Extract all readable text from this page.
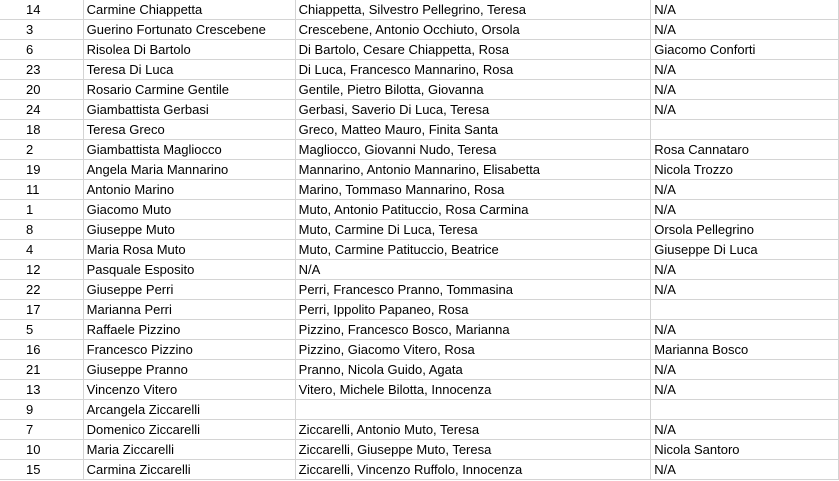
14	Carmine Chiappetta	Chiappetta, Silvestro Pellegrino, Teresa	N/A
3	Guerino Fortunato Crescebene	Crescebene, Antonio Occhiuto, Orsola	N/A
6	Risolea Di Bartolo	Di Bartolo, Cesare Chiappetta, Rosa	Giacomo Conforti
23	Teresa Di Luca	Di Luca, Francesco Mannarino, Rosa	N/A
20	Rosario Carmine Gentile	Gentile, Pietro Bilotta, Giovanna	N/A
24	Giambattista Gerbasi	Gerbasi, Saverio Di Luca, Teresa	N/A
18	Teresa Greco	Greco, Matteo Mauro, Finita Santa	
2	Giambattista Magliocco	Magliocco, Giovanni Nudo, Teresa	Rosa Cannataro
19	Angela Maria Mannarino	Mannarino, Antonio Mannarino, Elisabetta	Nicola Trozzo
11	Antonio Marino	Marino, Tommaso Mannarino, Rosa	N/A
1	Giacomo Muto	Muto, Antonio Patituccio, Rosa Carmina	N/A
8	Giuseppe Muto	Muto, Carmine Di Luca, Teresa	Orsola Pellegrino
4	Maria Rosa Muto	Muto, Carmine Patituccio, Beatrice	Giuseppe Di Luca
12	Pasquale Esposito	N/A	N/A
22	Giuseppe Perri	Perri, Francesco Pranno, Tommasina	N/A
17	Marianna Perri	Perri, Ippolito Papaneo, Rosa	
5	Raffaele Pizzino	Pizzino, Francesco Bosco, Marianna	N/A
16	Francesco Pizzino	Pizzino, Giacomo Vitero, Rosa	Marianna Bosco
21	Giuseppe Pranno	Pranno, Nicola Guido, Agata	N/A
13	Vincenzo Vitero	Vitero, Michele Bilotta, Innocenza	N/A
9	Arcangela Ziccarelli		
7	Domenico Ziccarelli	Ziccarelli, Antonio Muto, Teresa	N/A
10	Maria Ziccarelli	Ziccarelli, Giuseppe Muto, Teresa	Nicola Santoro
15	Carmina Ziccarelli	Ziccarelli, Vincenzo Ruffolo, Innocenza	N/A
